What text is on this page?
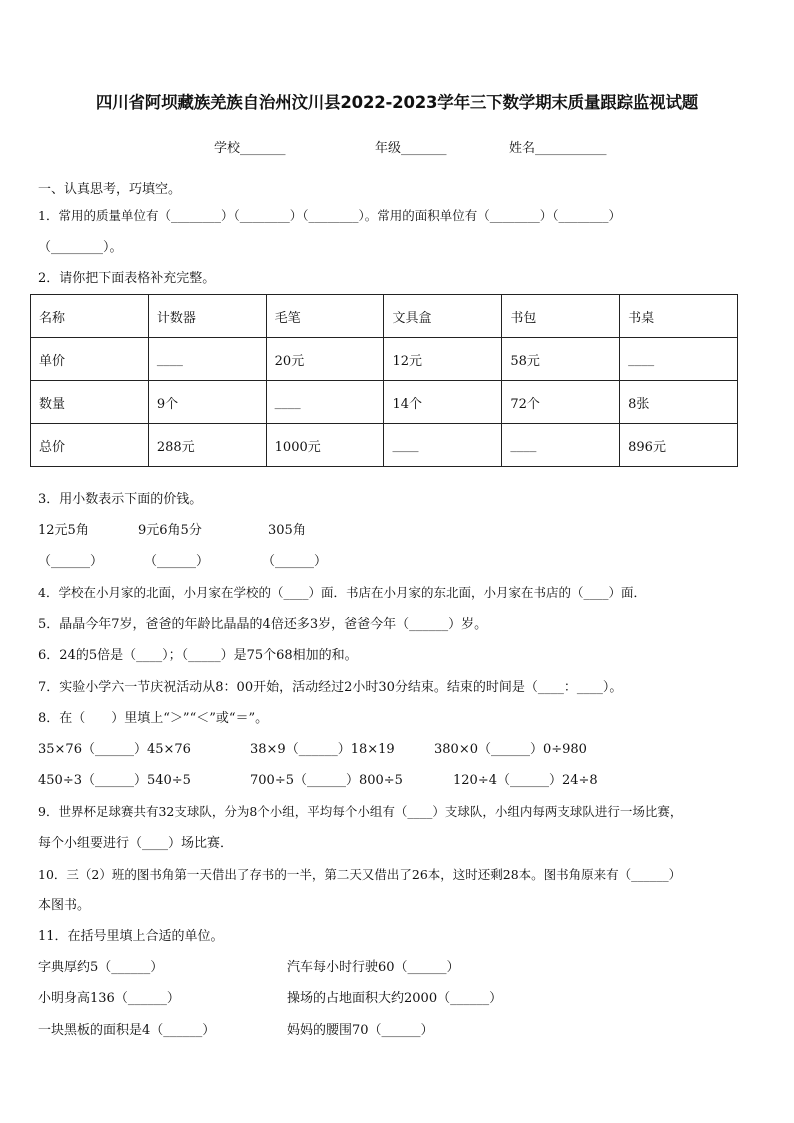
四川省阿坝藏族羌族自治州汶川县2022-2023学年三下数学期末质量跟踪监视试题
学校_______	年级_______	姓名___________
一、认真思考，巧填空。
1．常用的质量单位有（________）（________）（________）。常用的面积单位有（________）（________）
（________）。
2．请你把下面表格补充完整。
名称	计数器	毛笔	文具盒	书包	书桌
单价	____	20元	12元	58元	____
数量	9个	____	14个	72个	8张
总价	288元	1000元	____	____	896元
3．用小数表示下面的价钱。
12元5角	9元6角5分	305角
（______）	（______）	（______）
4．学校在小月家的北面，小月家在学校的（____）面．书店在小月家的东北面，小月家在书店的（____）面．
5．晶晶今年7岁，爸爸的年龄比晶晶的4倍还多3岁，爸爸今年（______）岁。
6．24的5倍是（____）；（_____）是75个68相加的和。
7．实验小学六一节庆祝活动从8：00开始，活动经过2小时30分结束。结束的时间是（____：____）。
8．在（　　）里填上“＞”“＜”或“＝”。
35×76（______）45×76	38×9（______）18×19	380×0（______）0÷980
450÷3（______）540÷5	700÷5（______）800÷5	120÷4（______）24÷8
9．世界杯足球赛共有32支球队，分为8个小组，平均每个小组有（____）支球队，小组内每两支球队进行一场比赛，
每个小组要进行（____）场比赛．
10．三（2）班的图书角第一天借出了存书的一半，第二天又借出了26本，这时还剩28本。图书角原来有（______）
本图书。
11．在括号里填上合适的单位。
字典厚约5（______）	汽车每小时行驶60（______）
小明身高136（______）	操场的占地面积大约2000（______）
一块黑板的面积是4（______）	妈妈的腰围70（______）
